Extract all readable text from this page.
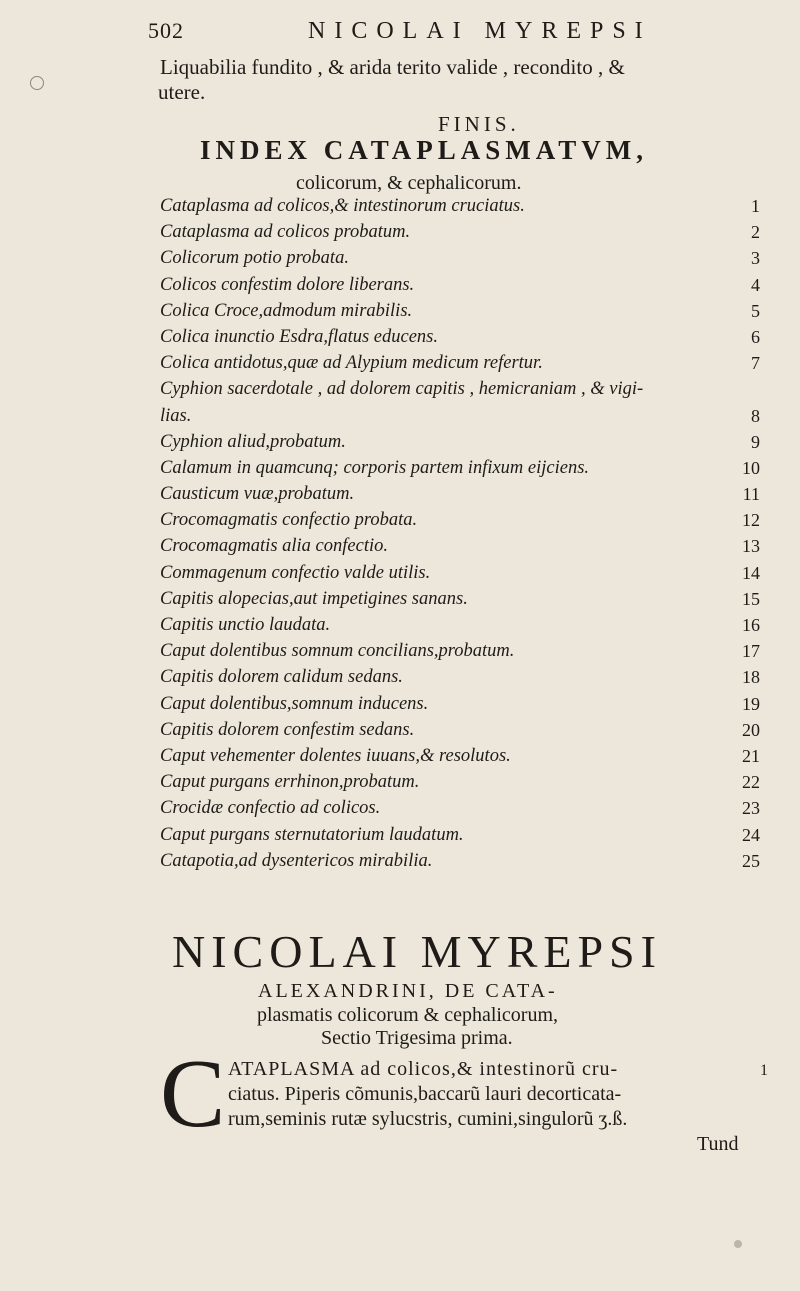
502	NICOLAI MYREPSI
Liquabilia fundito , & arida terito valide , recondito , &
utere.
FINIS.
INDEX CATAPLASMATVM,
colicorum, & cephalicorum.
Cataplasma ad colicos,& intestinorum cruciatus.	1
Cataplasma ad colicos probatum.	2
Colicorum potio probata.	3
Colicos confestim dolore liberans.	4
Colica Croce,admodum mirabilis.	5
Colica inunctio Esdra,flatus educens.	6
Colica antidotus,quæ ad Alypium medicum refertur.	7
Cyphion sacerdotale , ad dolorem capitis , hemicraniam , & vigi-
lias.	8
Cyphion aliud,probatum.	9
Calamum in quamcunq; corporis partem infixum eijciens.	10
Causticum vuæ,probatum.	11
Crocomagmatis confectio probata.	12
Crocomagmatis alia confectio.	13
Commagenum confectio valde utilis.	14
Capitis alopecias,aut impetigines sanans.	15
Capitis unctio laudata.	16
Caput dolentibus somnum concilians,probatum.	17
Capitis dolorem calidum sedans.	18
Caput dolentibus,somnum inducens.	19
Capitis dolorem confestim sedans.	20
Caput vehementer dolentes iuuans,& resolutos.	21
Caput purgans errhinon,probatum.	22
Crocidæ confectio ad colicos.	23
Caput purgans sternutatorium laudatum.	24
Catapotia,ad dysentericos mirabilia.	25
NICOLAI MYREPSI
ALEXANDRINI, DE CATA-
plasmatis colicorum & cephalicorum,
Sectio Trigesima prima.
C ATAPLASMA ad colicos,& intestinorũ cru-	1
ciatus. Piperis cõmunis,baccarũ lauri decorticata-
rum,seminis rutæ sylucstris, cumini,singulorũ ʒ.ß.
Tund
